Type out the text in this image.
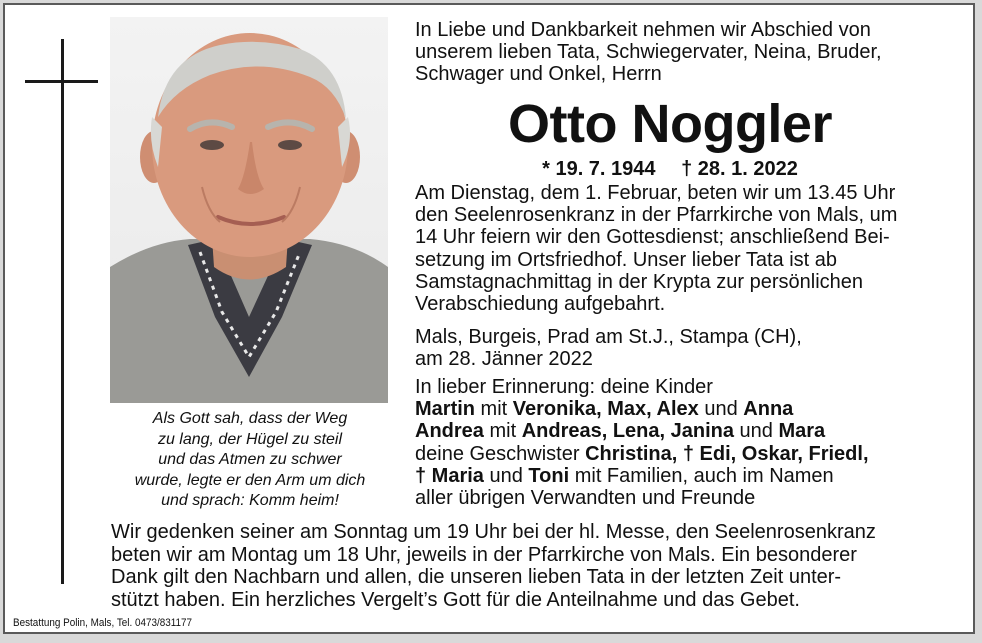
Als Gott sah, dass der Weg
zu lang, der Hügel zu steil
und das Atmen zu schwer
wurde, legte er den Arm um dich
und sprach: Komm heim!
In Liebe und Dankbarkeit nehmen wir Abschied von
unserem lieben Tata, Schwiegervater, Neina, Bruder,
Schwager und Onkel, Herrn
Otto Noggler
* 19. 7. 1944 † 28. 1. 2022
Am Dienstag, dem 1. Februar, beten wir um 13.45 Uhr
den Seelenrosenkranz in der Pfarrkirche von Mals, um
14 Uhr feiern wir den Gottesdienst; anschließend Bei-
setzung im Ortsfriedhof. Unser lieber Tata ist ab
Samstagnachmittag in der Krypta zur persönlichen
Verabschiedung aufgebahrt.
Mals, Burgeis, Prad am St.J., Stampa (CH),
am 28. Jänner 2022
In lieber Erinnerung: deine Kinder
Martin mit Veronika, Max, Alex und Anna
Andrea mit Andreas, Lena, Janina und Mara
deine Geschwister Christina, † Edi, Oskar, Friedl,
† Maria und Toni mit Familien, auch im Namen
aller übrigen Verwandten und Freunde
Wir gedenken seiner am Sonntag um 19 Uhr bei der hl. Messe, den Seelenrosenkranz
beten wir am Montag um 18 Uhr, jeweils in der Pfarrkirche von Mals. Ein besonderer
Dank gilt den Nachbarn und allen, die unseren lieben Tata in der letzten Zeit unter-
stützt haben. Ein herzliches Vergelt’s Gott für die Anteilnahme und das Gebet.
Bestattung Polin, Mals, Tel. 0473/831177
